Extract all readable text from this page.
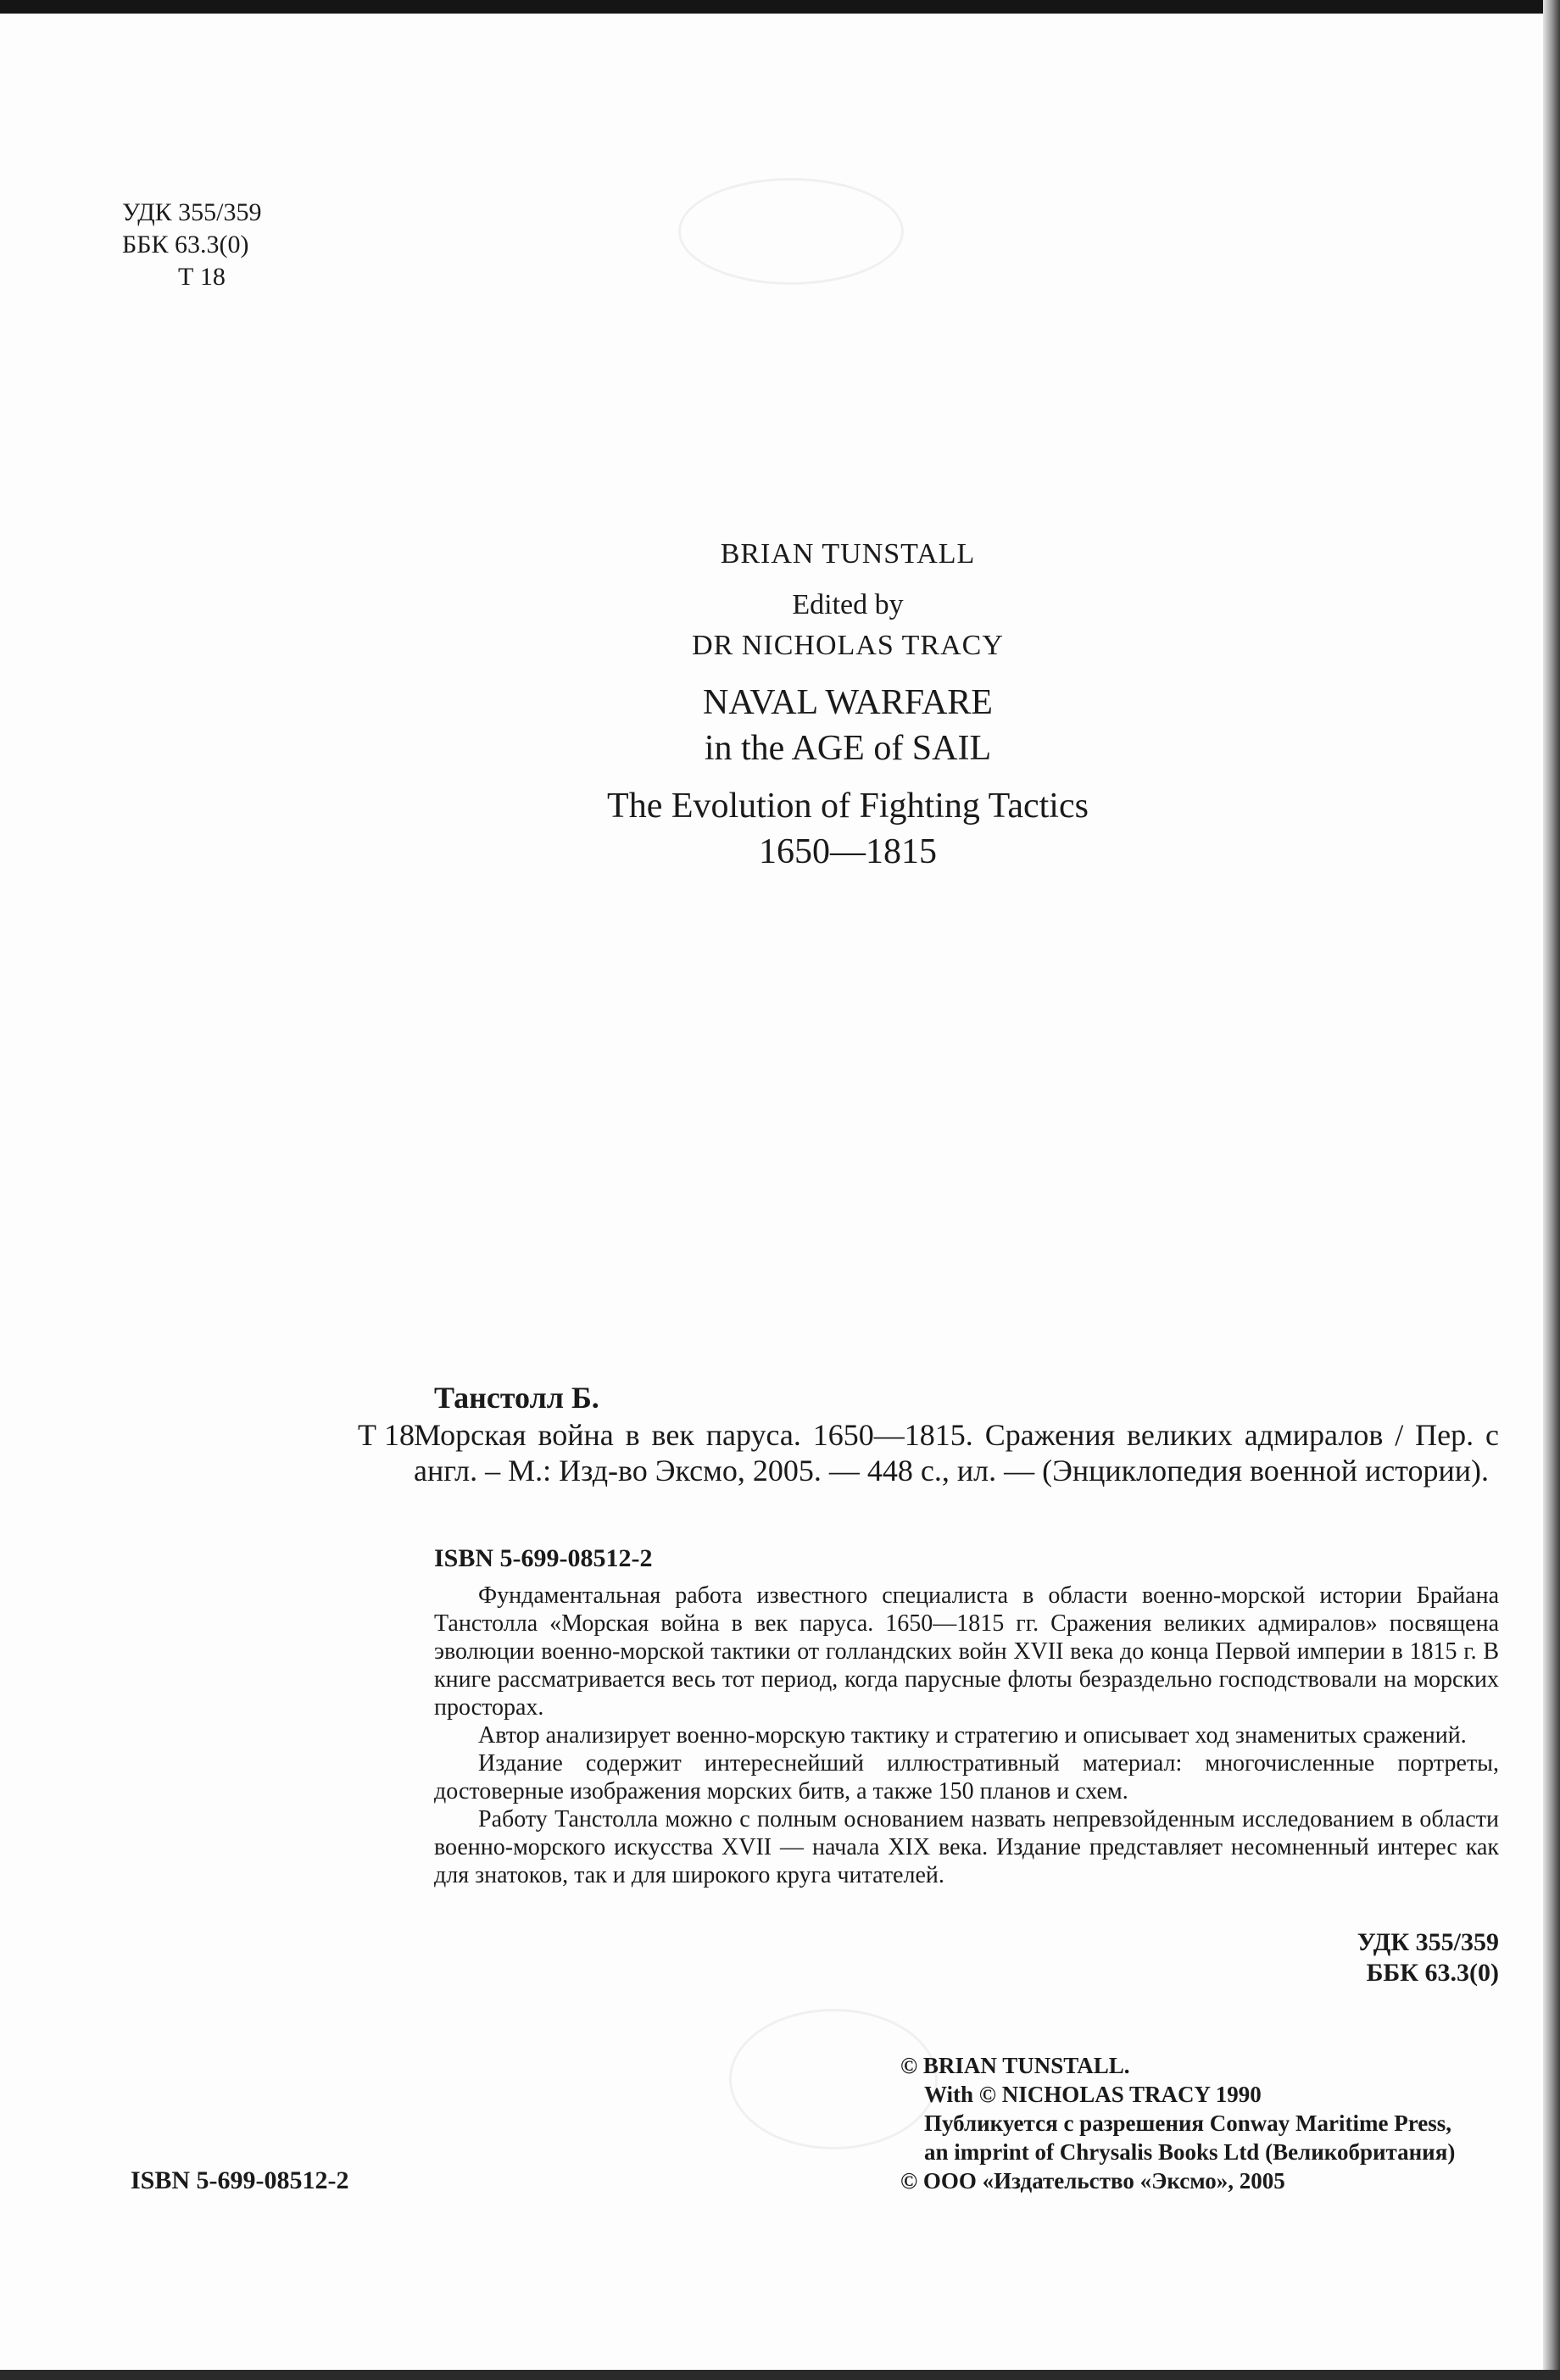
УДК 355/359
ББК 63.3(0)
Т 18
BRIAN TUNSTALL
Edited by
DR NICHOLAS TRACY
NAVAL WARFARE
in the AGE of SAIL
The Evolution of Fighting Tactics
1650—1815
Танстолл Б.
Т 18 Морская война в век паруса. 1650—1815. Сражения великих адмиралов / Пер. с англ. – М.: Изд-во Эксмо, 2005. — 448 с., ил. — (Энциклопедия военной истории).
ISBN 5-699-08512-2

Фундаментальная работа известного специалиста в области военно-морской истории Брайана Танстолла «Морская война в век паруса. 1650—1815 гг. Сражения великих адмиралов» посвящена эволюции военно-морской тактики от голландских войн XVII века до конца Первой империи в 1815 г. В книге рассматривается весь тот период, когда парусные флоты безраздельно господствовали на морских просторах.

Автор анализирует военно-морскую тактику и стратегию и описывает ход знаменитых сражений.

Издание содержит интереснейший иллюстративный материал: многочисленные портреты, достоверные изображения морских битв, а также 150 планов и схем.

Работу Танстолла можно с полным основанием назвать непревзойденным исследованием в области военно-морского искусства XVII — начала XIX века. Издание представляет несомненный интерес как для знатоков, так и для широкого круга читателей.

УДК 355/359
ББК 63.3(0)
© BRIAN TUNSTALL.
With © NICHOLAS TRACY 1990
Публикуется с разрешения Conway Maritime Press,
an imprint of Chrysalis Books Ltd (Великобритания)
© ООО «Издательство «Эксмо», 2005
ISBN 5-699-08512-2
